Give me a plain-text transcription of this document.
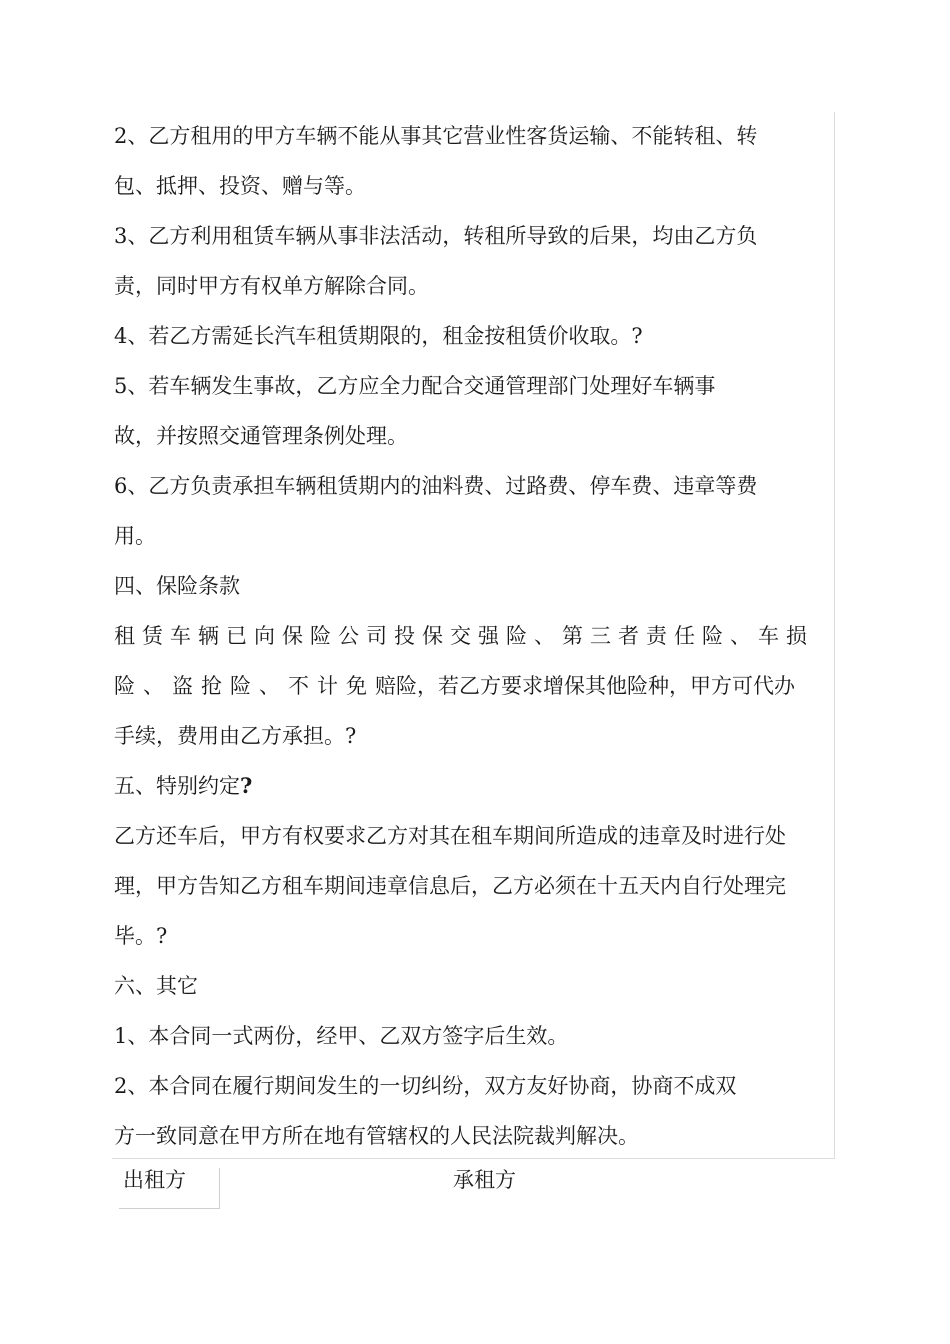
2、乙方租用的甲方车辆不能从事其它营业性客货运输、不能转租、转
包、抵押、投资、赠与等。
3、乙方利用租赁车辆从事非法活动，转租所导致的后果，均由乙方负
责，同时甲方有权单方解除合同。
4、若乙方需延长汽车租赁期限的，租金按租赁价收取。?
5、若车辆发生事故，乙方应全力配合交通管理部门处理好车辆事
故，并按照交通管理条例处理。
6、乙方负责承担车辆租赁期内的油料费、过路费、停车费、违章等费
用。
四、保险条款
租赁车辆已向保险公司投保交强险、第三者责任险、车损
险、盗抢险、不计免赔险，若乙方要求增保其他险种，甲方可代办
手续，费用由乙方承担。?
五、特别约定?
乙方还车后，甲方有权要求乙方对其在租车期间所造成的违章及时进行处
理，甲方告知乙方租车期间违章信息后，乙方必须在十五天内自行处理完
毕。?
六、其它
1、本合同一式两份，经甲、乙双方签字后生效。
2、本合同在履行期间发生的一切纠纷，双方友好协商，协商不成双
方一致同意在甲方所在地有管辖权的人民法院裁判解决。
出租方	承租方
